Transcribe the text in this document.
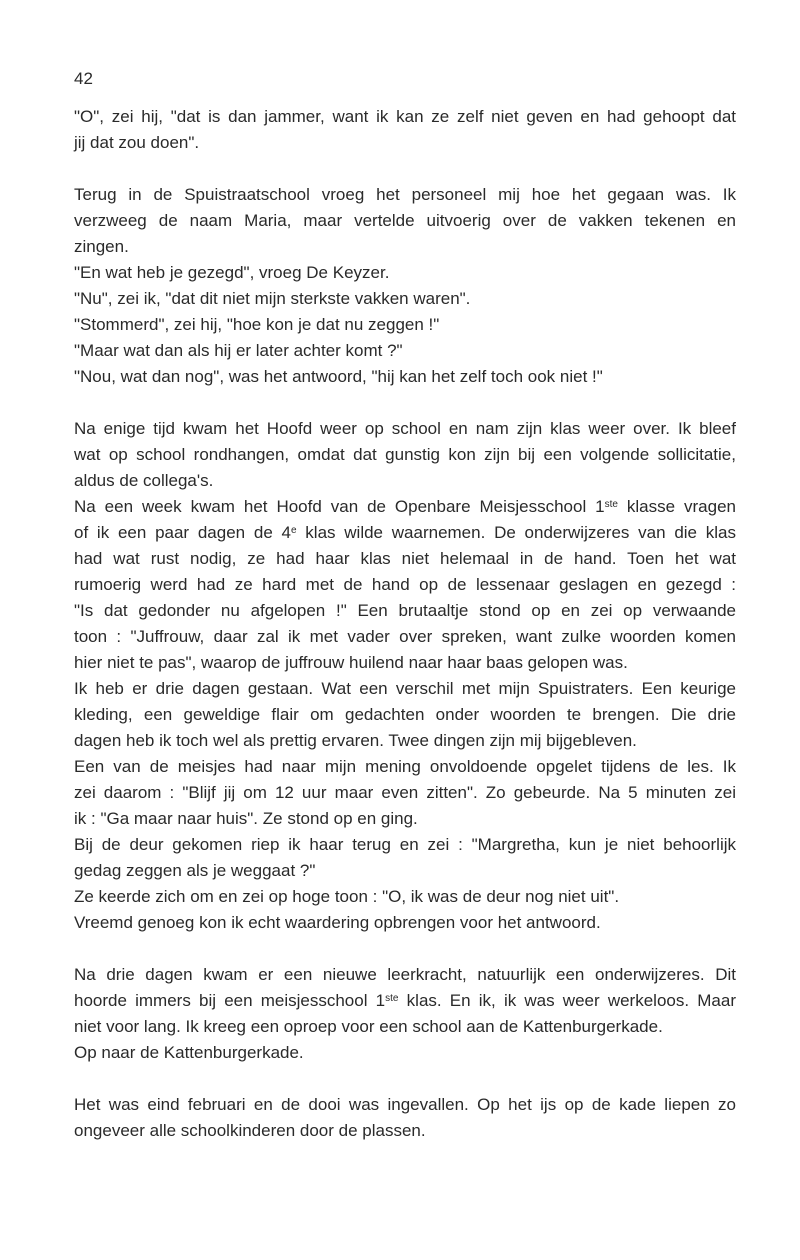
42
"O", zei hij, "dat is dan jammer, want ik kan ze zelf niet geven en had gehoopt dat
jij dat zou doen".
Terug in de Spuistraatschool vroeg het personeel mij hoe het gegaan was. Ik
verzweeg de naam Maria, maar vertelde uitvoerig over de vakken tekenen en
zingen.
"En wat heb je gezegd", vroeg De Keyzer.
"Nu", zei ik, "dat dit niet mijn sterkste vakken waren".
"Stommerd", zei hij, "hoe kon je dat nu zeggen !"
"Maar wat dan als hij er later achter komt ?"
"Nou, wat dan nog", was het antwoord, "hij kan het zelf toch ook niet !"
Na enige tijd kwam het Hoofd weer op school en nam zijn klas weer over. Ik bleef
wat op school rondhangen, omdat dat gunstig kon zijn bij een volgende sollicitatie,
aldus de collega's.
Na een week kwam het Hoofd van de Openbare Meisjesschool 1ste klasse vragen
of ik een paar dagen de 4e klas wilde waarnemen. De onderwijzeres van die klas
had wat rust nodig, ze had haar klas niet helemaal in de hand. Toen het wat
rumoerig werd had ze hard met de hand op de lessenaar geslagen en gezegd :
"Is dat gedonder nu afgelopen !" Een brutaaltje stond op en zei op verwaande
toon : "Juffrouw, daar zal ik met vader over spreken, want zulke woorden komen
hier niet te pas", waarop de juffrouw huilend naar haar baas gelopen was.
Ik heb er drie dagen gestaan. Wat een verschil met mijn Spuistraters. Een keurige
kleding, een geweldige flair om gedachten onder woorden te brengen. Die drie
dagen heb ik toch wel als prettig ervaren. Twee dingen zijn mij bijgebleven.
Een van de meisjes had naar mijn mening onvoldoende opgelet tijdens de les. Ik
zei daarom : "Blijf jij om 12 uur maar even zitten". Zo gebeurde. Na 5 minuten zei
ik : "Ga maar naar huis". Ze stond op en ging.
Bij de deur gekomen riep ik haar terug en zei : "Margretha, kun je niet behoorlijk
gedag zeggen als je weggaat ?"
Ze keerde zich om en zei op hoge toon : "O, ik was de deur nog niet uit".
Vreemd genoeg kon ik echt waardering opbrengen voor het antwoord.
Na drie dagen kwam er een nieuwe leerkracht, natuurlijk een onderwijzeres. Dit
hoorde immers bij een meisjesschool 1ste klas. En ik, ik was weer werkeloos. Maar
niet voor lang. Ik kreeg een oproep voor een school aan de Kattenburgerkade.
Op naar de Kattenburgerkade.
Het was eind februari en de dooi was ingevallen. Op het ijs op de kade liepen zo
ongeveer alle schoolkinderen door de plassen.
